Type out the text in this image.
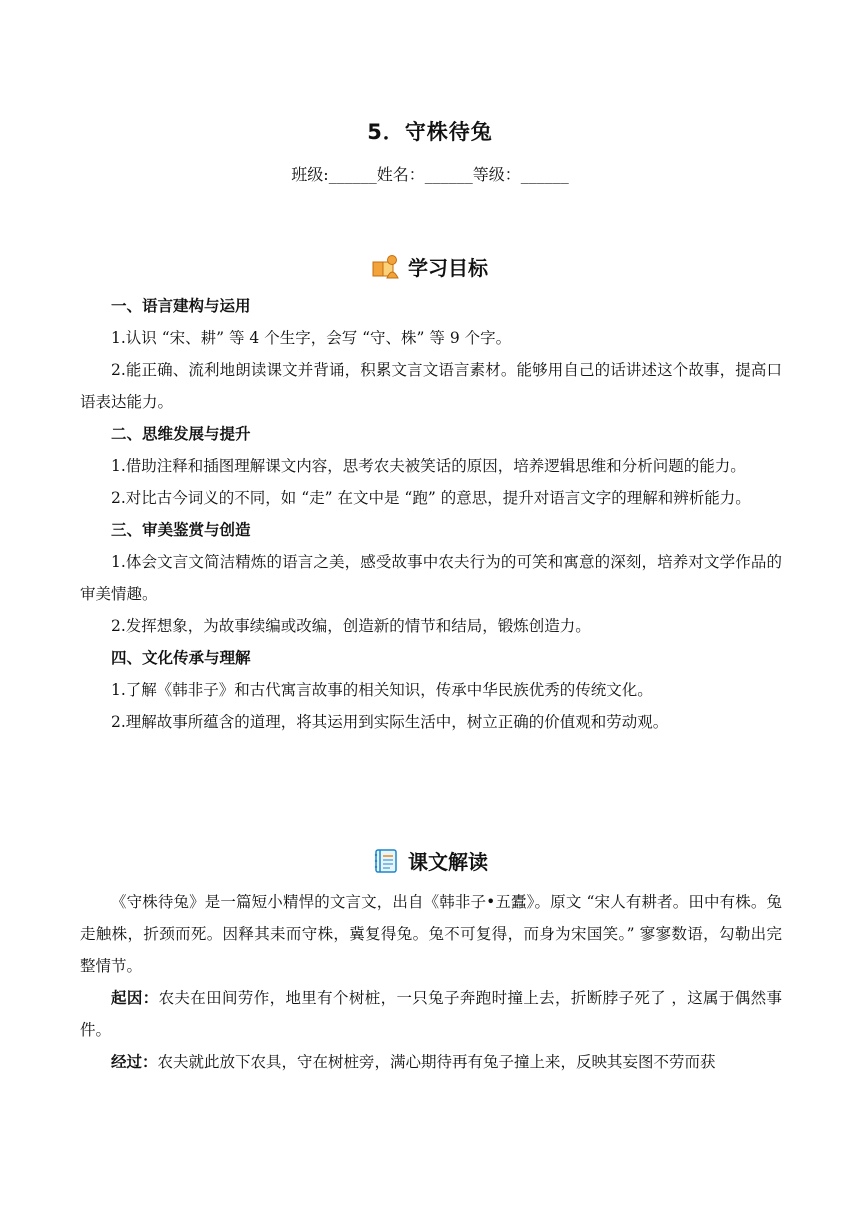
5．守株待兔
班级:______姓名：______等级：______
学习目标
一、语言建构与运用

1.认识 “宋、耕” 等 4 个生字，会写 “守、株” 等 9 个字。

2.能正确、流利地朗读课文并背诵，积累文言文语言素材。能够用自己的话讲述这个故事，提高口语表达能力。

二、思维发展与提升

1.借助注释和插图理解课文内容，思考农夫被笑话的原因，培养逻辑思维和分析问题的能力。

2.对比古今词义的不同，如 “走” 在文中是 “跑” 的意思，提升对语言文字的理解和辨析能力。

三、审美鉴赏与创造

1.体会文言文简洁精炼的语言之美，感受故事中农夫行为的可笑和寓意的深刻，培养对文学作品的审美情趣。

2.发挥想象，为故事续编或改编，创造新的情节和结局，锻炼创造力。

四、文化传承与理解

1.了解《韩非子》和古代寓言故事的相关知识，传承中华民族优秀的传统文化。

2.理解故事所蕴含的道理，将其运用到实际生活中，树立正确的价值观和劳动观。

课文解读

《守株待兔》是一篇短小精悍的文言文，出自《韩非子•五蠹》。原文 “宋人有耕者。田中有株。兔走触株，折颈而死。因释其耒而守株，冀复得兔。兔不可复得，而身为宋国笑。” 寥寥数语，勾勒出完整情节。

起因：农夫在田间劳作，地里有个树桩，一只兔子奔跑时撞上去，折断脖子死了 ，这属于偶然事件。

经过：农夫就此放下农具，守在树桩旁，满心期待再有兔子撞上来，反映其妄图不劳而获
